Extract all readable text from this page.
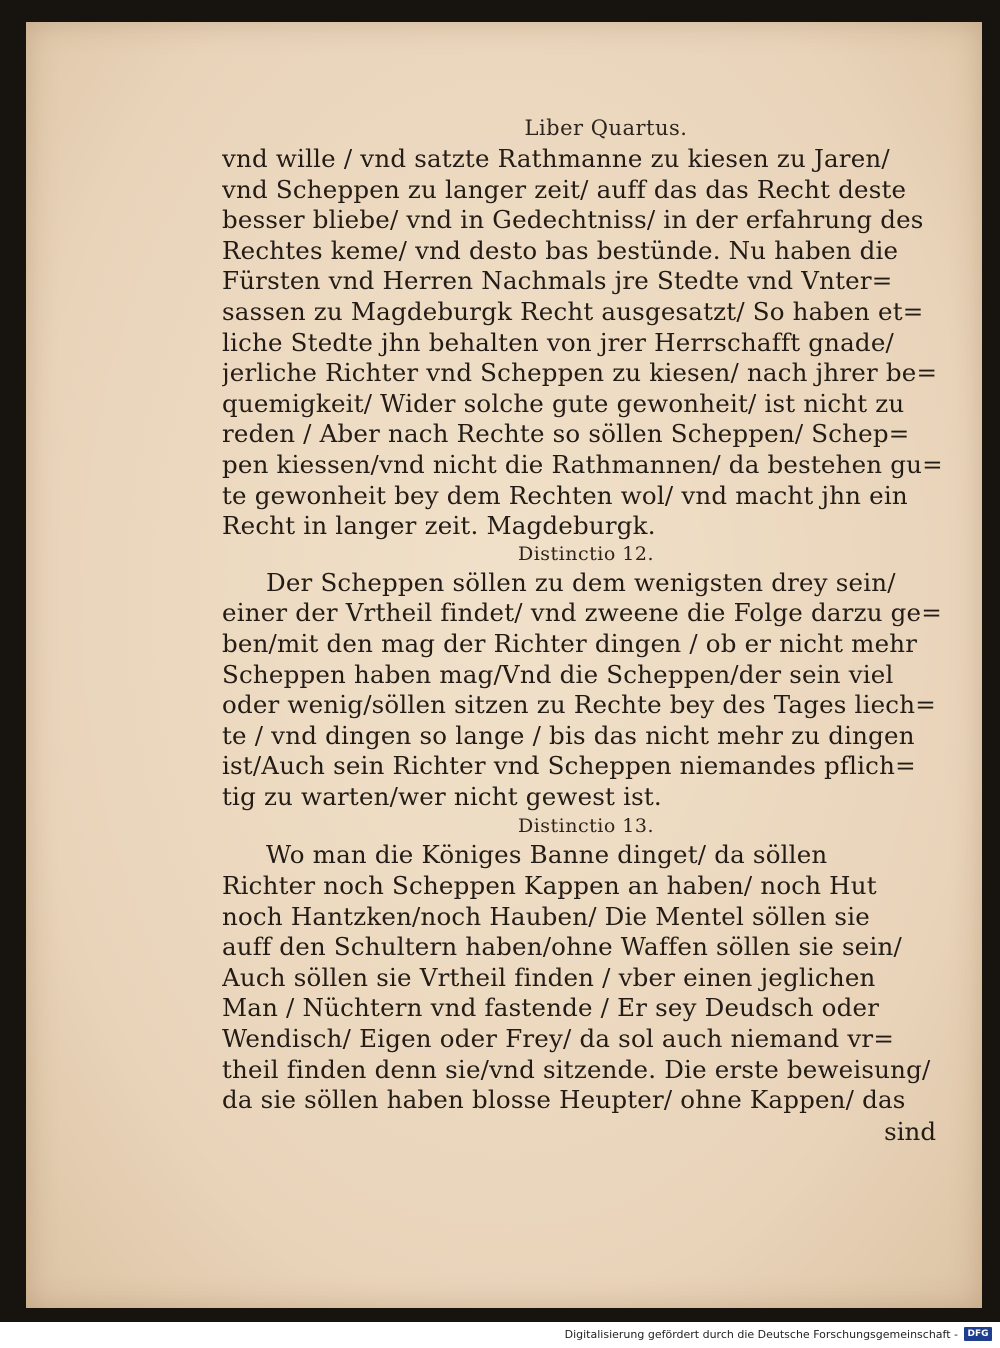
Liber Quartus.
vnd wille / vnd satzte Rathmanne zu kiesen zu Jaren/
vnd Scheppen zu langer zeit/ auff das das Recht deste
besser bliebe/ vnd in Gedechtniss/ in der erfahrung des
Rechtes keme/ vnd desto bas bestünde. Nu haben die
Fürsten vnd Herren Nachmals jre Stedte vnd Vnter=
sassen zu Magdeburgk Recht ausgesatzt/ So haben et=
liche Stedte jhn behalten von jrer Herrschafft gnade/
jerliche Richter vnd Scheppen zu kiesen/ nach jhrer be=
quemigkeit/ Wider solche gute gewonheit/ ist nicht zu
reden / Aber nach Rechte so söllen Scheppen/ Schep=
pen kiessen/vnd nicht die Rathmannen/ da bestehen gu=
te gewonheit bey dem Rechten wol/ vnd macht jhn ein
Recht in langer zeit. Magdeburgk.
Distinctio 12.
Der Scheppen söllen zu dem wenigsten drey sein/
einer der Vrtheil findet/ vnd zweene die Folge darzu ge=
ben/mit den mag der Richter dingen / ob er nicht mehr
Scheppen haben mag/Vnd die Scheppen/der sein viel
oder wenig/söllen sitzen zu Rechte bey des Tages liech=
te / vnd dingen so lange / bis das nicht mehr zu dingen
ist/Auch sein Richter vnd Scheppen niemandes pflich=
tig zu warten/wer nicht gewest ist.
Distinctio 13.
Wo man die Königes Banne dinget/ da söllen
Richter noch Scheppen Kappen an haben/ noch Hut
noch Hantzken/noch Hauben/ Die Mentel söllen sie
auff den Schultern haben/ohne Waffen söllen sie sein/
Auch söllen sie Vrtheil finden / vber einen jeglichen
Man / Nüchtern vnd fastende / Er sey Deudsch oder
Wendisch/ Eigen oder Frey/ da sol auch niemand vr=
theil finden denn sie/vnd sitzende. Die erste beweisung/
da sie söllen haben blosse Heupter/ ohne Kappen/ das
sind
Digitalisierung gefördert durch die Deutsche Forschungsgemeinschaft -	DFG
